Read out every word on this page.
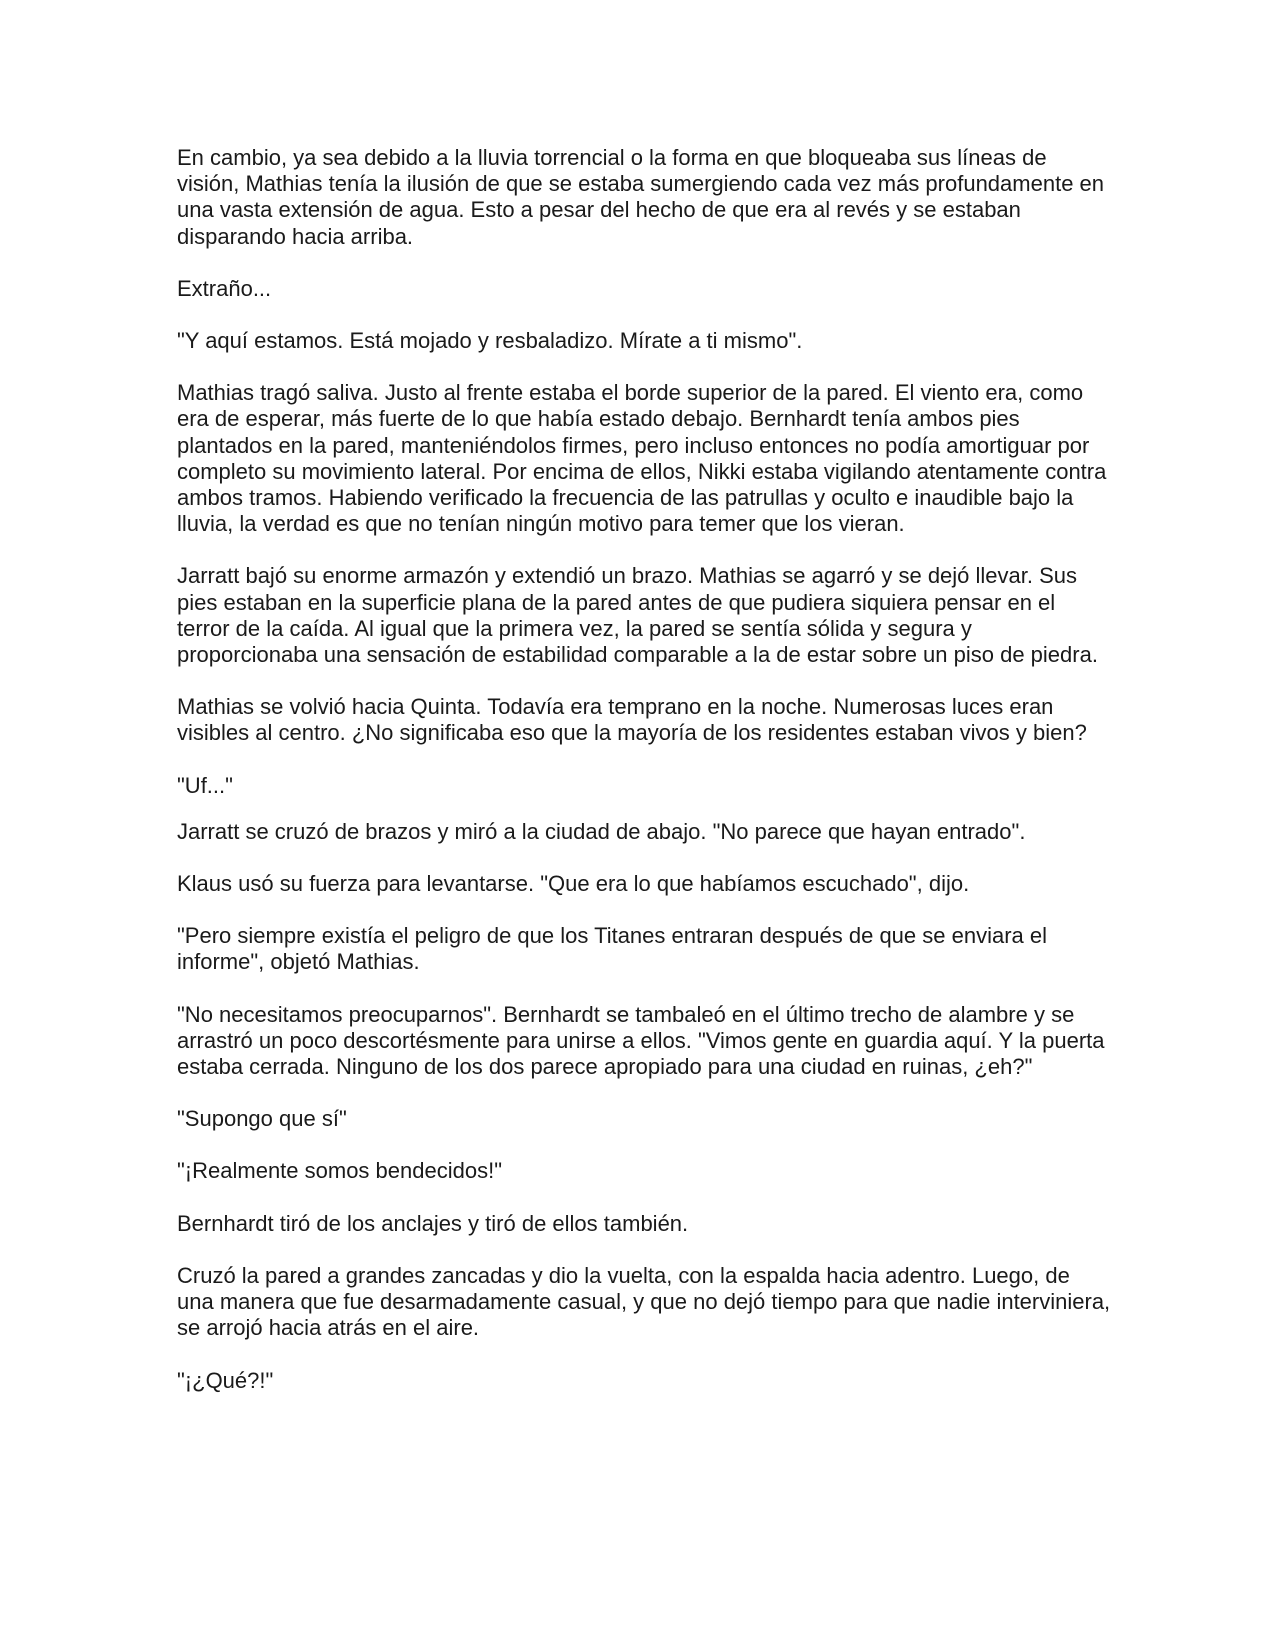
En cambio, ya sea debido a la lluvia torrencial o la forma en que bloqueaba sus líneas de visión, Mathias tenía la ilusión de que se estaba sumergiendo cada vez más profundamente en una vasta extensión de agua. Esto a pesar del hecho de que era al revés y se estaban disparando hacia arriba.

Extraño...

"Y aquí estamos. Está mojado y resbaladizo. Mírate a ti mismo".

Mathias tragó saliva. Justo al frente estaba el borde superior de la pared. El viento era, como era de esperar, más fuerte de lo que había estado debajo. Bernhardt tenía ambos pies plantados en la pared, manteniéndolos firmes, pero incluso entonces no podía amortiguar por completo su movimiento lateral. Por encima de ellos, Nikki estaba vigilando atentamente contra ambos tramos. Habiendo verificado la frecuencia de las patrullas y oculto e inaudible bajo la lluvia, la verdad es que no tenían ningún motivo para temer que los vieran.

Jarratt bajó su enorme armazón y extendió un brazo. Mathias se agarró y se dejó llevar. Sus pies estaban en la superficie plana de la pared antes de que pudiera siquiera pensar en el terror de la caída. Al igual que la primera vez, la pared se sentía sólida y segura y proporcionaba una sensación de estabilidad comparable a la de estar sobre un piso de piedra.

Mathias se volvió hacia Quinta. Todavía era temprano en la noche. Numerosas luces eran visibles al centro. ¿No significaba eso que la mayoría de los residentes estaban vivos y bien?

"Uf..."

Jarratt se cruzó de brazos y miró a la ciudad de abajo. "No parece que hayan entrado".

Klaus usó su fuerza para levantarse. "Que era lo que habíamos escuchado", dijo.

"Pero siempre existía el peligro de que los Titanes entraran después de que se enviara el informe", objetó Mathias.

"No necesitamos preocuparnos". Bernhardt se tambaleó en el último trecho de alambre y se arrastró un poco descortésmente para unirse a ellos. "Vimos gente en guardia aquí. Y la puerta estaba cerrada. Ninguno de los dos parece apropiado para una ciudad en ruinas, ¿eh?"

"Supongo que sí"

"¡Realmente somos bendecidos!"

Bernhardt tiró de los anclajes y tiró de ellos también.

Cruzó la pared a grandes zancadas y dio la vuelta, con la espalda hacia adentro. Luego, de una manera que fue desarmadamente casual, y que no dejó tiempo para que nadie interviniera, se arrojó hacia atrás en el aire.

"¡¿Qué?!"
